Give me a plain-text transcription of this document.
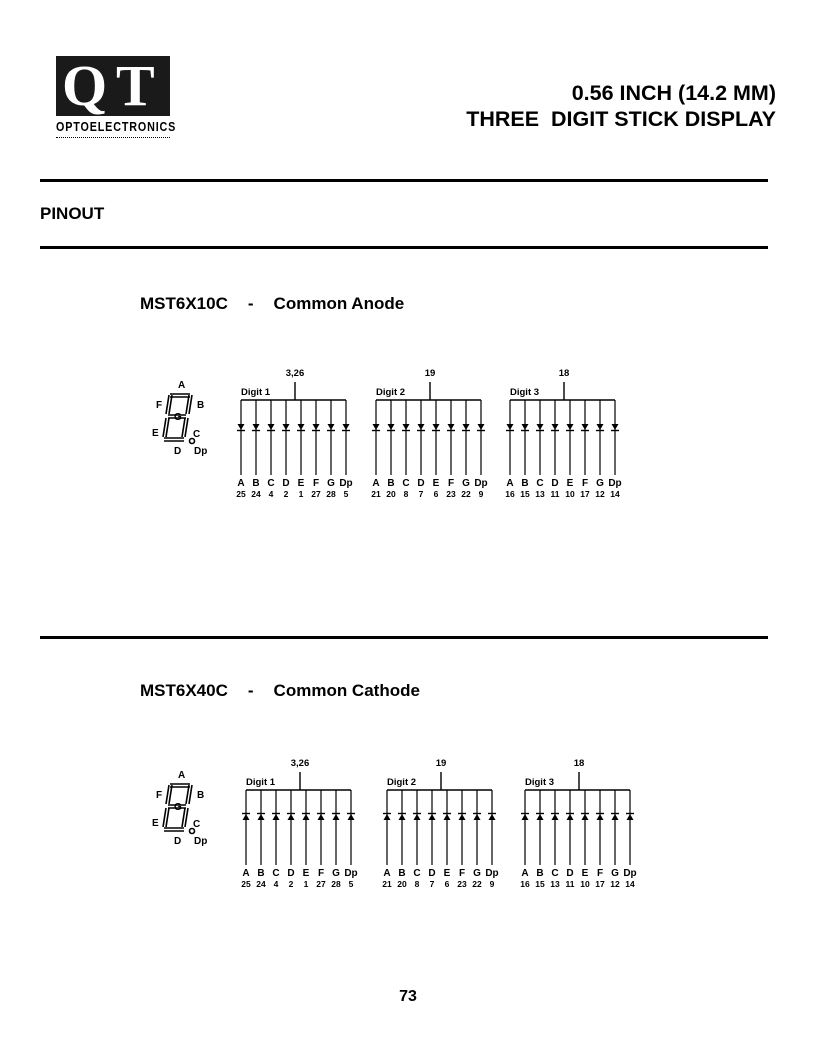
Q T
OPTOELECTRONICS
0.56 INCH (14.2 MM)
THREE  DIGIT STICK DISPLAY
PINOUT
MST6X10C - Common Anode
A
B
C
D
E
F
G
Dp
Digit 1
3,26
A
25
B
24
C
4
D
2
E
1
F
27
G
28
Dp
5
Digit 2
19
A
21
B
20
C
8
D
7
E
6
F
23
G
22
Dp
9
Digit 3
18
A
16
B
15
C
13
D
11
E
10
F
17
G
12
Dp
14
MST6X40C - Common Cathode
A
B
C
D
E
F
G
Dp
Digit 1
3,26
A
25
B
24
C
4
D
2
E
1
F
27
G
28
Dp
5
Digit 2
19
A
21
B
20
C
8
D
7
E
6
F
23
G
22
Dp
9
Digit 3
18
A
16
B
15
C
13
D
11
E
10
F
17
G
12
Dp
14
73
